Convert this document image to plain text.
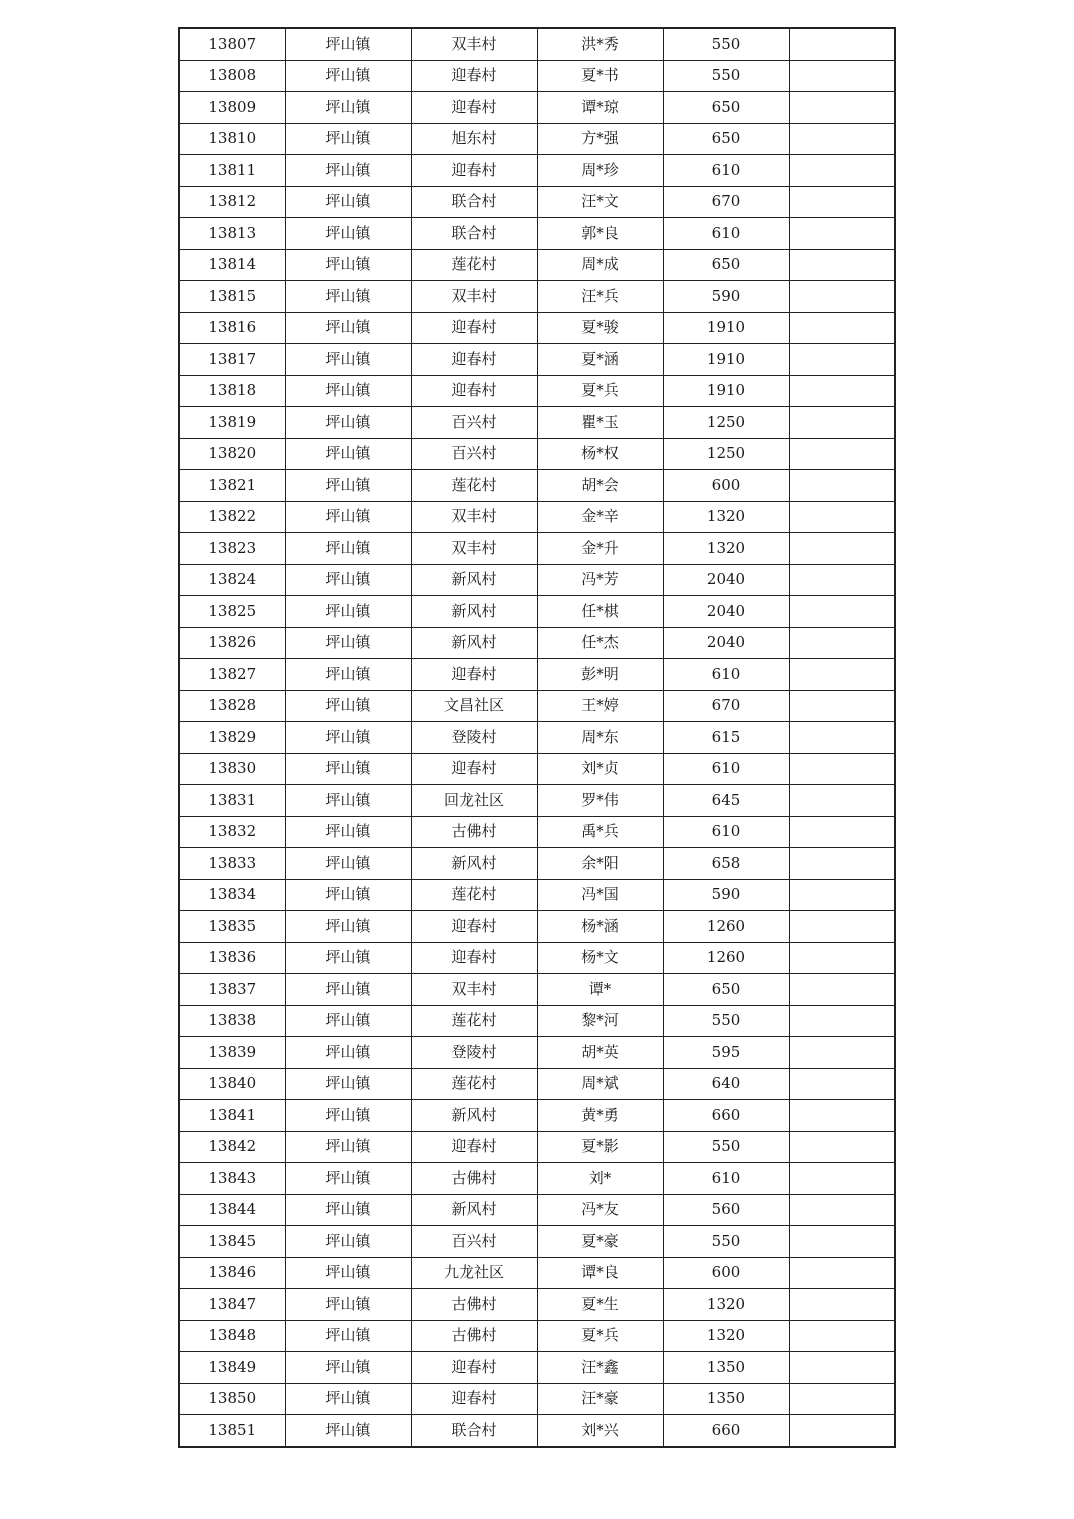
13807	坪山镇	双丰村	洪*秀	550	
13808	坪山镇	迎春村	夏*书	550	
13809	坪山镇	迎春村	谭*琼	650	
13810	坪山镇	旭东村	方*强	650	
13811	坪山镇	迎春村	周*珍	610	
13812	坪山镇	联合村	汪*文	670	
13813	坪山镇	联合村	郭*良	610	
13814	坪山镇	莲花村	周*成	650	
13815	坪山镇	双丰村	汪*兵	590	
13816	坪山镇	迎春村	夏*骏	1910	
13817	坪山镇	迎春村	夏*涵	1910	
13818	坪山镇	迎春村	夏*兵	1910	
13819	坪山镇	百兴村	瞿*玉	1250	
13820	坪山镇	百兴村	杨*权	1250	
13821	坪山镇	莲花村	胡*会	600	
13822	坪山镇	双丰村	金*辛	1320	
13823	坪山镇	双丰村	金*升	1320	
13824	坪山镇	新风村	冯*芳	2040	
13825	坪山镇	新风村	任*棋	2040	
13826	坪山镇	新风村	任*杰	2040	
13827	坪山镇	迎春村	彭*明	610	
13828	坪山镇	文昌社区	王*婷	670	
13829	坪山镇	登陵村	周*东	615	
13830	坪山镇	迎春村	刘*贞	610	
13831	坪山镇	回龙社区	罗*伟	645	
13832	坪山镇	古佛村	禹*兵	610	
13833	坪山镇	新风村	余*阳	658	
13834	坪山镇	莲花村	冯*国	590	
13835	坪山镇	迎春村	杨*涵	1260	
13836	坪山镇	迎春村	杨*文	1260	
13837	坪山镇	双丰村	谭*	650	
13838	坪山镇	莲花村	黎*河	550	
13839	坪山镇	登陵村	胡*英	595	
13840	坪山镇	莲花村	周*斌	640	
13841	坪山镇	新风村	黄*勇	660	
13842	坪山镇	迎春村	夏*影	550	
13843	坪山镇	古佛村	刘*	610	
13844	坪山镇	新风村	冯*友	560	
13845	坪山镇	百兴村	夏*豪	550	
13846	坪山镇	九龙社区	谭*良	600	
13847	坪山镇	古佛村	夏*生	1320	
13848	坪山镇	古佛村	夏*兵	1320	
13849	坪山镇	迎春村	汪*鑫	1350	
13850	坪山镇	迎春村	汪*豪	1350	
13851	坪山镇	联合村	刘*兴	660	
